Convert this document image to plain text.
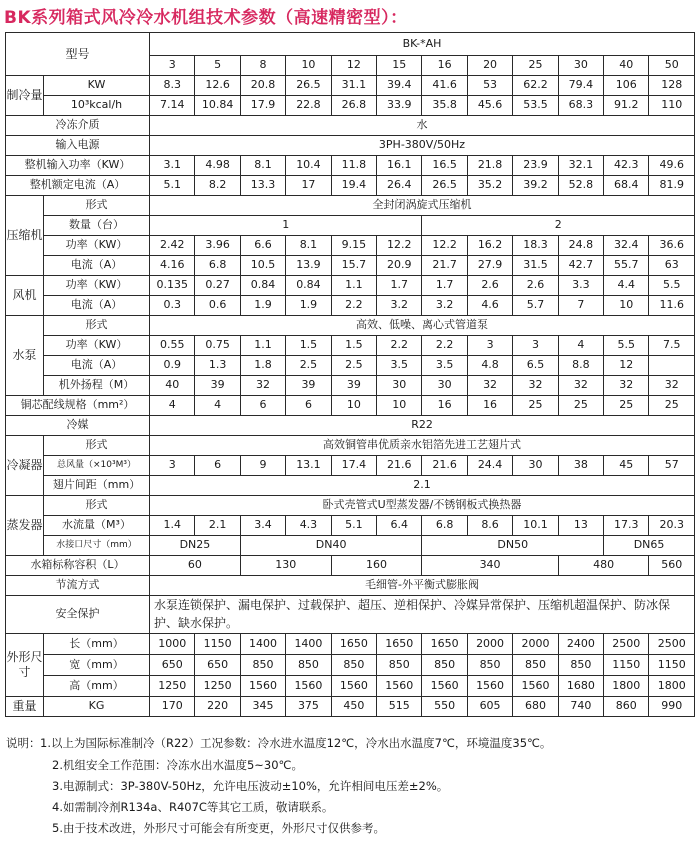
BK系列箱式风冷冷水机组技术参数（高速精密型）：
型号		BK-*AH											
		3	5	8	10	12	15	16	20	25	30	40	50
制冷量	KW	8.3	12.6	20.8	26.5	31.1	39.4	41.6	53	62.2	79.4	106	128
	10³kcal/h	7.14	10.84	17.9	22.8	26.8	33.9	35.8	45.6	53.5	68.3	91.2	110
冷冻介质		水											
输入电源		3PH-380V/50Hz											
整机输入功率（KW）		3.1	4.98	8.1	10.4	11.8	16.1	16.5	21.8	23.9	32.1	42.3	49.6
整机额定电流（A）		5.1	8.2	13.3	17	19.4	26.4	26.5	35.2	39.2	52.8	68.4	81.9
压缩机	形式	全封闭涡旋式压缩机											
	数量（台）	1						2					
	功率（KW）	2.42	3.96	6.6	8.1	9.15	12.2	12.2	16.2	18.3	24.8	32.4	36.6
	电流（A）	4.16	6.8	10.5	13.9	15.7	20.9	21.7	27.9	31.5	42.7	55.7	63
风机	功率（KW）	0.135	0.27	0.84	0.84	1.1	1.7	1.7	2.6	2.6	3.3	4.4	5.5
	电流（A）	0.3	0.6	1.9	1.9	2.2	3.2	3.2	4.6	5.7	7	10	11.6
水泵	形式	高效、低噪、离心式管道泵											
	功率（KW）	0.55	0.75	1.1	1.5	1.5	2.2	2.2	3	3	4	5.5	7.5
	电流（A）	0.9	1.3	1.8	2.5	2.5	3.5	3.5	4.8	6.5	8.8	12	
	机外扬程（M）	40	39	32	39	39	30	30	32	32	32	32	32
铜芯配线规格（mm²）		4	4	6	6	10	10	16	16	25	25	25	25
冷媒		R22											
冷凝器	形式	高效铜管串优质亲水铝箔先进工艺翅片式											
	总风量（×10³M³）	3	6	9	13.1	17.4	21.6	21.6	24.4	30	38	45	57
	翅片间距（mm）	2.1											
蒸发器	形式	卧式壳管式U型蒸发器/不锈钢板式换热器											
	水流量（M³）	1.4	2.1	3.4	4.3	5.1	6.4	6.8	8.6	10.1	13	17.3	20.3
	水接口尺寸（mm）	DN25		DN40				DN50				DN65	
水箱标称容积（L）		60		130		160		340			480		560
节流方式		毛细管-外平衡式膨胀阀											
安全保护		水泵连锁保护、漏电保护、过载保护、超压、逆相保护、冷媒异常保护、压缩机超温保护、防冰保护、缺水保护。											
外形尺寸	长（mm）	1000	1150	1400	1400	1650	1650	1650	2000	2000	2400	2500	2500
	宽（mm）	650	650	850	850	850	850	850	850	850	850	1150	1150
	高（mm）	1250	1250	1560	1560	1560	1560	1560	1560	1560	1680	1800	1800
重量	KG	170	220	345	375	450	515	550	605	680	740	860	990
说明： 1.以上为国际标准制冷（R22）工况参数：冷水进水温度12℃，冷水出水温度7℃，环境温度35℃。
2.机组安全工作范围：冷冻水出水温度5~30℃。
3.电源制式：3P-380V-50Hz，允许电压波动±10%，允许相间电压差±2%。
4.如需制冷剂R134a、R407C等其它工质，敬请联系。
5.由于技术改进，外形尺寸可能会有所变更，外形尺寸仅供参考。
